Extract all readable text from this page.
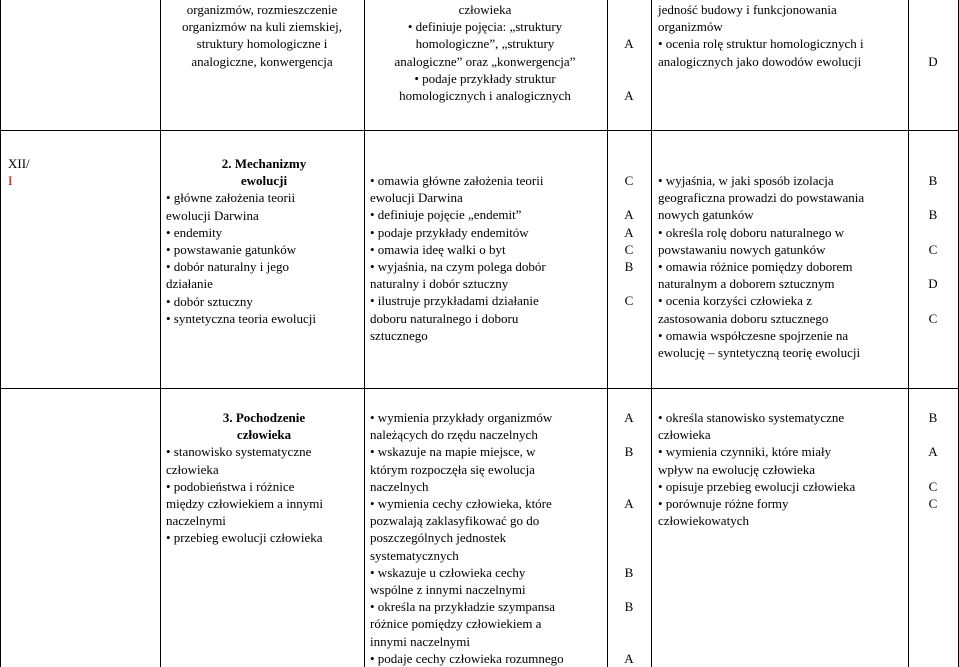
organizmów, rozmieszczenie

organizmów na kuli ziemskiej,

struktury homologiczne i

analogiczne, konwergencja

człowieka

• definiuje pojęcia: „struktury

homologiczne”, „struktury

analogiczne” oraz „konwergencja”

• podaje przykłady struktur

homologicznych i analogicznych

A
A

jedność budowy i funkcjonowania

organizmów

• ocenia rolę struktur homologicznych i

analogicznych jako dowodów ewolucji	D

XII/

I

2. Mechanizmy

ewolucji

• główne założenia teorii

ewolucji Darwina

• endemity

• powstawanie gatunków

• dobór naturalny i jego

działanie

• dobór sztuczny

• syntetyczna teoria ewolucji

• omawia główne założenia teorii

ewolucji Darwina

• definiuje pojęcie „endemit”

• podaje przykłady endemitów

• omawia ideę walki o byt

• wyjaśnia, na czym polega dobór

naturalny i dobór sztuczny

• ilustruje przykładami działanie

doboru naturalnego i doboru

sztucznego

C
A
A
C
B
C

• wyjaśnia, w jaki sposób izolacja

geograficzna prowadzi do powstawania

nowych gatunków

• określa rolę doboru naturalnego w

powstawaniu nowych gatunków

• omawia różnice pomiędzy doborem

naturalnym a doborem sztucznym

• ocenia korzyści człowieka z

zastosowania doboru sztucznego

• omawia współczesne spojrzenie na

ewolucję – syntetyczną teorię ewolucji

B
B
C
D
C

3. Pochodzenie

człowieka

• stanowisko systematyczne

człowieka

• podobieństwa i różnice

między człowiekiem a innymi

naczelnymi

• przebieg ewolucji człowieka

• wymienia przykłady organizmów

należących do rzędu naczelnych

• wskazuje na mapie miejsce, w

którym rozpoczęła się ewolucja

naczelnych

• wymienia cechy człowieka, które

pozwalają zaklasyfikować go do

poszczególnych jednostek

systematycznych

• wskazuje u człowieka cechy

wspólne z innymi naczelnymi

• określa na przykładzie szympansa

różnice pomiędzy człowiekiem a

innymi naczelnymi

• podaje cechy człowieka rozumnego

A
B
A
B
B
A

• określa stanowisko systematyczne

człowieka

• wymienia czynniki, które miały

wpływ na ewolucję człowieka

• opisuje przebieg ewolucji człowieka

• porównuje różne formy

człowiekowatych

B
A
C
C
